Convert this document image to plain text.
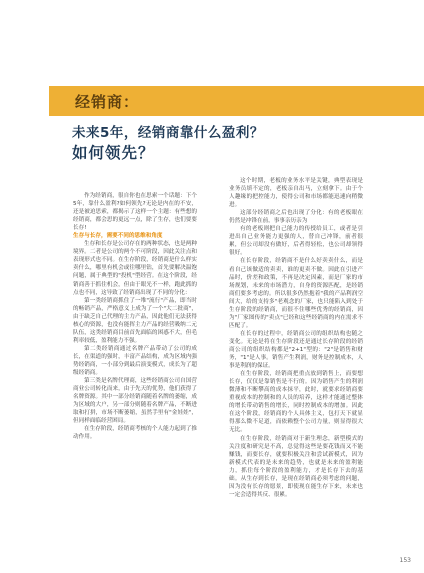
经销商：
未来5年，经销商靠什么盈利？
如何领先？

作为经销商，很自你也在思索一个话题：下个5年，靠什么盈利?如何领先?无论是内在的不安，还是被迫思索，都揭示了这样一个主题：有些想的经销商，都会思的更远一点，除了生存，也们要要长存!

生存与长存，需要不同的思维和角度

生存和长存是公司存在的两种状态，也是两种境界。二者是公司的两个不可阶段，因此关注点和表现形式也不同。在生存阶段，经销商是什么样实卖什么，哪里有机会或往哪里钻，首先要解决温饱问题，属于典型的"投机"型经营。在这个阶段，经销商善于抓住机会，但由于眼光不一样，跑此抓的点也不同，这导致了经销商出现了不同的分化：

第一类经销商抓住了一堆"流行"产品，即当时的畅销产品，严格意义上成为了一个"大二批商"，由于缺乏自己代理的主力产品，因此他们无法获得核心的资源，也没有能挥主力产品的经营吸纳二元队伍，这类经销商目前首先面临的困惑不大，但毛利率较低，盈利能力不强。

第二类经销商通过名牌产品带动了公司的成长，在渠道的强时，丰富产品结构，成为区域内强势经销商，一小部分到最后演变模式，成长为了超级经销商。

第三类是名牌代理商，这些经销商公司自国营商业公司转化而来，由于先天的优势，他们获得了名牌资源。其中一部分经销商随着名牌的萎缩，成为区域的大户，另一部分则随着名牌产品，不断进取和打拼，市场不断萎缩，虽然手里有"金娃娃"，但同样面临经营困局。

在生存阶段，经销商考核的个人能力起到了推动作用。

这个时期，老板的业务水平是关键，典型表现是业务员填不定的，老板亲自出马，立刻拿下。由于个人趣缘的把控能力，使得公司和市场都能迅速向稍微进。

这部分经销商之后也出现了分化：有的老板眼在仍然是冲锋在前，事事亲历亲为

有的老板则把自己能力的传授给员工，或者是引进出自己业务能力更强的人，替自己冲锋，前者很累，但公司却没有做好，后者得轻松，也公司却领得很好。

在长存阶段，经销商不是什么好卖卖什么，而是看自己该做适的卖卖，谁的更卖不做。因此在引进产品时，价差和政策，不再是决定因素，而是厂家的市场规划，未来的市场潜力，自身的资源匹配，是经销商们要多考虑的。所以很多仍然抱着"我的产品利润空间大，给的支持多"老观念的厂家，也只能陷入到处于生存阶段的经销商，而很不住哪些优秀的经销商，因为"厂家图传的"卖点"已经和这些经销商的内在需求不匹配了。

在长存的过程中，经销商公司的组织结构也随之变化。无论是将在生存阶段还是通过长存阶段的经销商公司的组织结构都是"2+1"型的："2"是销售和财务，"1"是人事。销售产生利润，财务是控制成本，人事是利润的保证。

在生存阶段，经销商把重点放到销售上，而要想长存，仅仅是靠销售是不行的。因为销售产生的利润微薄和不断攀高的成本抹平，此时，就要求经销商要重视成本的控制和的人员的培养，这样才能通过整体的增长带动销售的增长，同时控制成本的增加。因此在这个阶段，经销商的个人具体主义，包打天下就显得那么微不足道，而依赖整个公司力量，则显得很大无比。

在生存阶段，经销商对于新生理念，新型模式的关注度和研究是不高，总觉得这些是要花钱而又不能赚钱，而要长存，就要积极关注和尝试新模式，因为新模式代表的是未来的趋势，也就是未来的盈利能力，抓住每个阶段的盈利能力，才是长存下去的基础。从生存到长存，是现在经销商必须考虑的问题，因为没有长存的愿景，即使现在能生存下来，未来也一定会适得其反、很累。

153
